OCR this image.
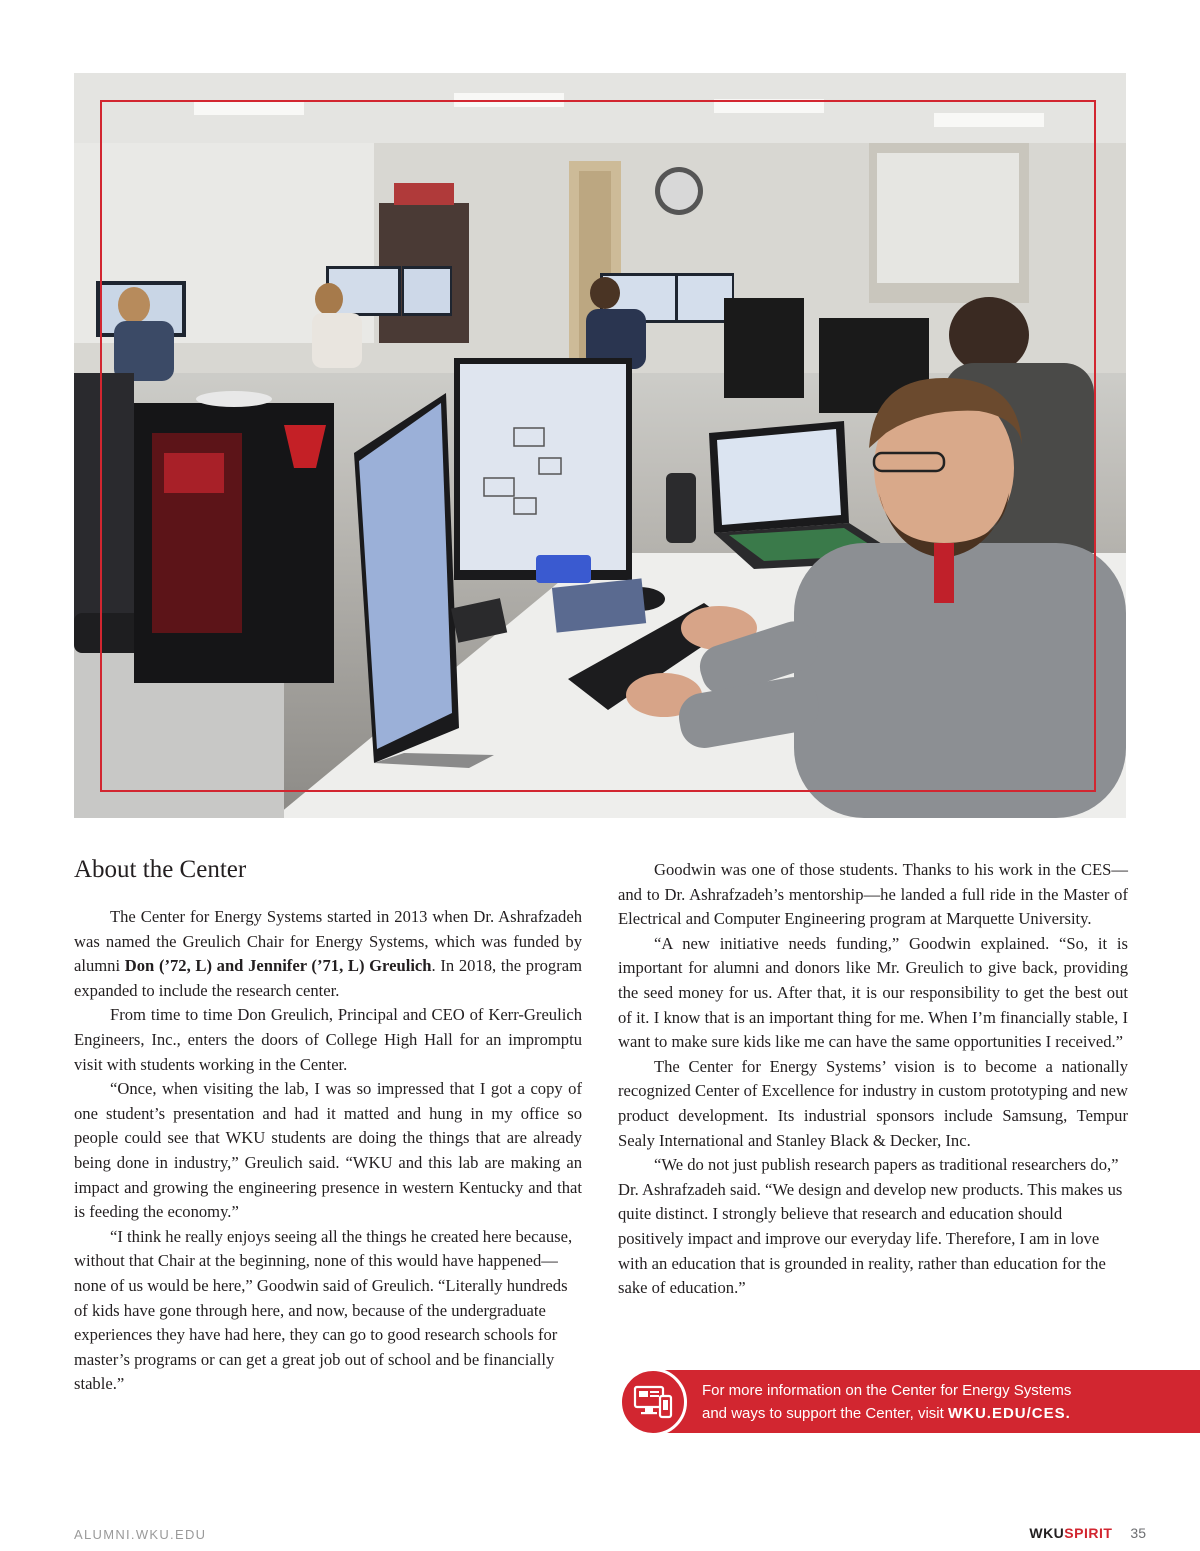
About the Center

The Center for Energy Systems started in 2013 when Dr. Ashrafzadeh was named the Greulich Chair for Energy Systems, which was funded by alumni Don (’72, L) and Jennifer (’71, L) Greulich. In 2018, the program expanded to include the research center.

From time to time Don Greulich, Principal and CEO of Kerr-Greulich Engineers, Inc., enters the doors of College High Hall for an impromptu visit with students working in the Center.

“Once, when visiting the lab, I was so impressed that I got a copy of one student’s presentation and had it matted and hung in my office so people could see that WKU students are doing the things that are already being done in industry,” Greulich said. “WKU and this lab are making an impact and growing the engineering presence in western Kentucky and that is feeding the economy.”

“I think he really enjoys seeing all the things he created here because, without that Chair at the beginning, none of this would have happened—none of us would be here,” Goodwin said of Greulich. “Literally hundreds of kids have gone through here, and now, because of the undergraduate experiences they have had here, they can go to good research schools for master’s programs or can get a great job out of school and be financially stable.”

Goodwin was one of those students. Thanks to his work in the CES—and to Dr. Ashrafzadeh’s mentorship—he landed a full ride in the Master of Electrical and Computer Engineering program at Marquette University.

“A new initiative needs funding,” Goodwin explained. “So, it is important for alumni and donors like Mr. Greulich to give back, providing the seed money for us. After that, it is our responsibility to get the best out of it. I know that is an important thing for me. When I’m financially stable, I want to make sure kids like me can have the same opportunities I received.”

The Center for Energy Systems’ vision is to become a nationally recognized Center of Excellence for industry in custom prototyping and new product development. Its industrial sponsors include Samsung, Tempur Sealy International and Stanley Black & Decker, Inc.

“We do not just publish research papers as traditional researchers do,” Dr. Ashrafzadeh said. “We design and develop new products. This makes us quite distinct. I strongly believe that research and education should positively impact and improve our everyday life. Therefore, I am in love with an education that is grounded in reality, rather than education for the sake of education.”

For more information on the Center for Energy Systems
and ways to support the Center, visit WKU.EDU/CES.
ALUMNI.WKU.EDU	WKUSPIRIT 35
